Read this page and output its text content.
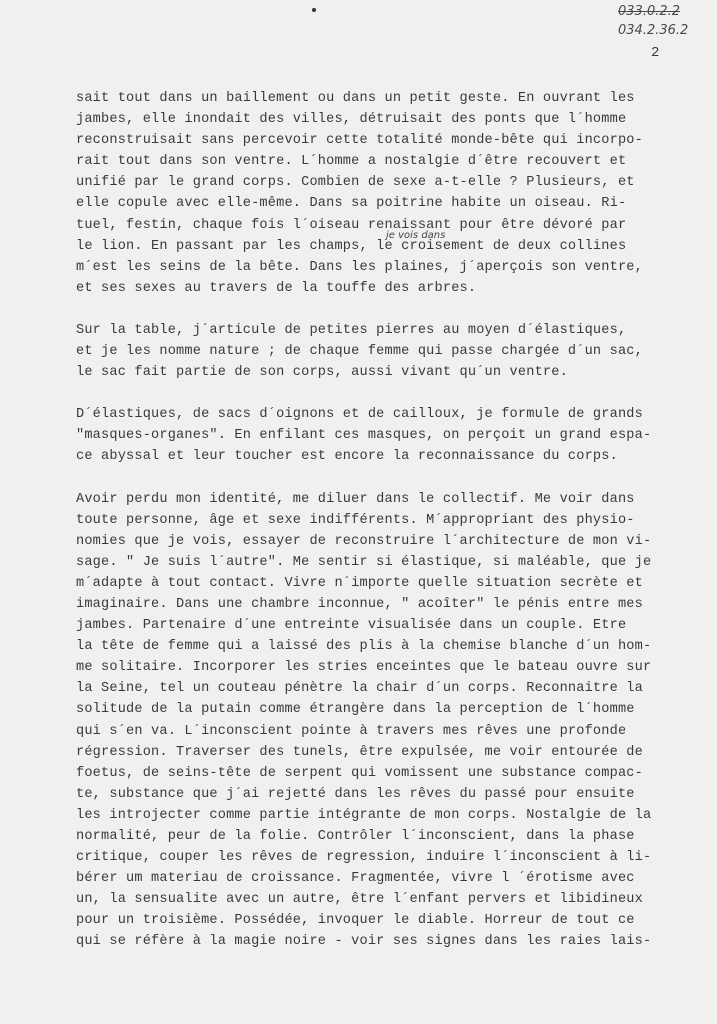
033.0.2.2
034.2.36.2
2
je vois dans
sait tout dans un baillement ou dans un petit geste. En ouvrant les
jambes, elle inondait des villes, détruisait des ponts que l´homme
reconstruisait sans percevoir cette totalité monde-bête qui incorpo-
rait tout dans son ventre. L´homme a nostalgie d´être recouvert et
unifié par le grand corps. Combien de sexe a-t-elle ? Plusieurs, et
elle copule avec elle-même. Dans sa poitrine habite un oiseau. Ri-
tuel, festin, chaque fois l´oiseau renaissant pour être dévoré par
le lion. En passant par les champs, le croisement de deux collines
m´est les seins de la bête. Dans les plaines, j´aperçois son ventre,
et ses sexes au travers de la touffe des arbres.
Sur la table, j´articule de petites pierres au moyen d´élastiques,
et je les nomme nature ; de chaque femme qui passe chargée d´un sac,
le sac fait partie de son corps, aussi vivant qu´un ventre.
D´élastiques, de sacs d´oignons et de cailloux, je formule de grands
"masques-organes". En enfilant ces masques, on perçoit un grand espa-
ce abyssal et leur toucher est encore la reconnaissance du corps.
Avoir perdu mon identité, me diluer dans le collectif. Me voir dans
toute personne, âge et sexe indifférents. M´appropriant des physio-
nomies que je vois, essayer de reconstruire l´architecture de mon vi-
sage. " Je suis l´autre". Me sentir si élastique, si maléable, que je
m´adapte à tout contact. Vivre n´importe quelle situation secrète et
imaginaire. Dans une chambre inconnue, " acoîter" le pénis entre mes
jambes. Partenaire d´une entreinte visualisée dans un couple. Etre
la tête de femme qui a laissé des plis à la chemise blanche d´un hom-
me solitaire. Incorporer les stries enceintes que le bateau ouvre sur
la Seine, tel un couteau pénètre la chair d´un corps. Reconnaitre la
solitude de la putain comme étrangère dans la perception de l´homme
qui s´en va. L´inconscient pointe à travers mes rêves une profonde
régression. Traverser des tunels, être expulsée, me voir entourée de
foetus, de seins-tête de serpent qui vomissent une substance compac-
te, substance que j´ai rejetté dans les rêves du passé pour ensuite
les introjecter comme partie intégrante de mon corps. Nostalgie de la
normalité, peur de la folie. Contrôler l´inconscient, dans la phase
critique, couper les rêves de regression, induire l´inconscient à li-
bérer um materiau de croissance. Fragmentée, vivre l ´érotisme avec
un, la sensualite avec un autre, être l´enfant pervers et libidineux
pour un troisième. Possédée, invoquer le diable. Horreur de tout ce
qui se réfère à la magie noire - voir ses signes dans les raies lais-
